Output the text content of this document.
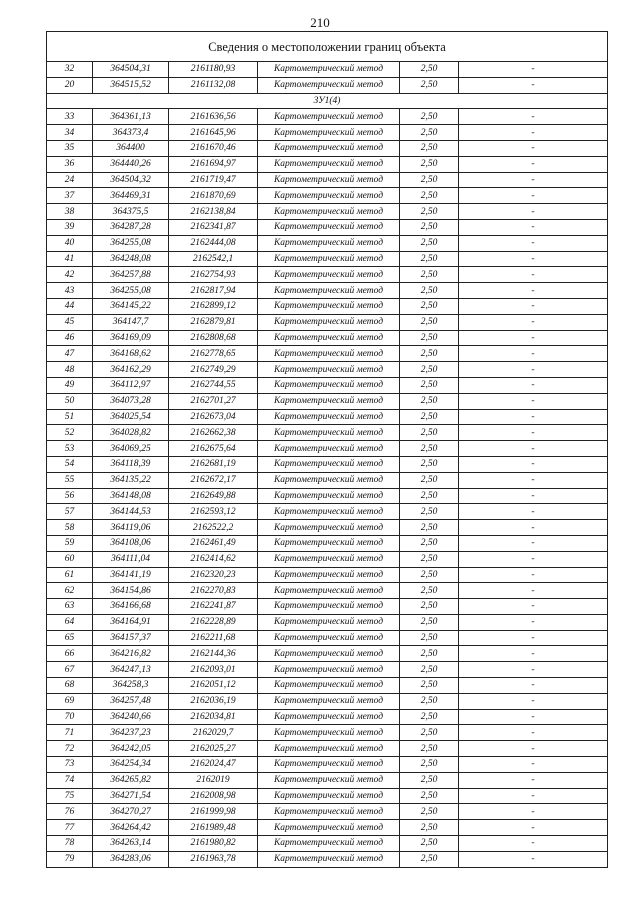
210
Сведения о местоположении границ объекта					
32	364504,31	2161180,93	Картометрический метод	2,50	-
20	364515,52	2161132,08	Картометрический метод	2,50	-
ЗУ1(4)					
33	364361,13	2161636,56	Картометрический метод	2,50	-
34	364373,4	2161645,96	Картометрический метод	2,50	-
35	364400	2161670,46	Картометрический метод	2,50	-
36	364440,26	2161694,97	Картометрический метод	2,50	-
24	364504,32	2161719,47	Картометрический метод	2,50	-
37	364469,31	2161870,69	Картометрический метод	2,50	-
38	364375,5	2162138,84	Картометрический метод	2,50	-
39	364287,28	2162341,87	Картометрический метод	2,50	-
40	364255,08	2162444,08	Картометрический метод	2,50	-
41	364248,08	2162542,1	Картометрический метод	2,50	-
42	364257,88	2162754,93	Картометрический метод	2,50	-
43	364255,08	2162817,94	Картометрический метод	2,50	-
44	364145,22	2162899,12	Картометрический метод	2,50	-
45	364147,7	2162879,81	Картометрический метод	2,50	-
46	364169,09	2162808,68	Картометрический метод	2,50	-
47	364168,62	2162778,65	Картометрический метод	2,50	-
48	364162,29	2162749,29	Картометрический метод	2,50	-
49	364112,97	2162744,55	Картометрический метод	2,50	-
50	364073,28	2162701,27	Картометрический метод	2,50	-
51	364025,54	2162673,04	Картометрический метод	2,50	-
52	364028,82	2162662,38	Картометрический метод	2,50	-
53	364069,25	2162675,64	Картометрический метод	2,50	-
54	364118,39	2162681,19	Картометрический метод	2,50	-
55	364135,22	2162672,17	Картометрический метод	2,50	-
56	364148,08	2162649,88	Картометрический метод	2,50	-
57	364144,53	2162593,12	Картометрический метод	2,50	-
58	364119,06	2162522,2	Картометрический метод	2,50	-
59	364108,06	2162461,49	Картометрический метод	2,50	-
60	364111,04	2162414,62	Картометрический метод	2,50	-
61	364141,19	2162320,23	Картометрический метод	2,50	-
62	364154,86	2162270,83	Картометрический метод	2,50	-
63	364166,68	2162241,87	Картометрический метод	2,50	-
64	364164,91	2162228,89	Картометрический метод	2,50	-
65	364157,37	2162211,68	Картометрический метод	2,50	-
66	364216,82	2162144,36	Картометрический метод	2,50	-
67	364247,13	2162093,01	Картометрический метод	2,50	-
68	364258,3	2162051,12	Картометрический метод	2,50	-
69	364257,48	2162036,19	Картометрический метод	2,50	-
70	364240,66	2162034,81	Картометрический метод	2,50	-
71	364237,23	2162029,7	Картометрический метод	2,50	-
72	364242,05	2162025,27	Картометрический метод	2,50	-
73	364254,34	2162024,47	Картометрический метод	2,50	-
74	364265,82	2162019	Картометрический метод	2,50	-
75	364271,54	2162008,98	Картометрический метод	2,50	-
76	364270,27	2161999,98	Картометрический метод	2,50	-
77	364264,42	2161989,48	Картометрический метод	2,50	-
78	364263,14	2161980,82	Картометрический метод	2,50	-
79	364283,06	2161963,78	Картометрический метод	2,50	-
